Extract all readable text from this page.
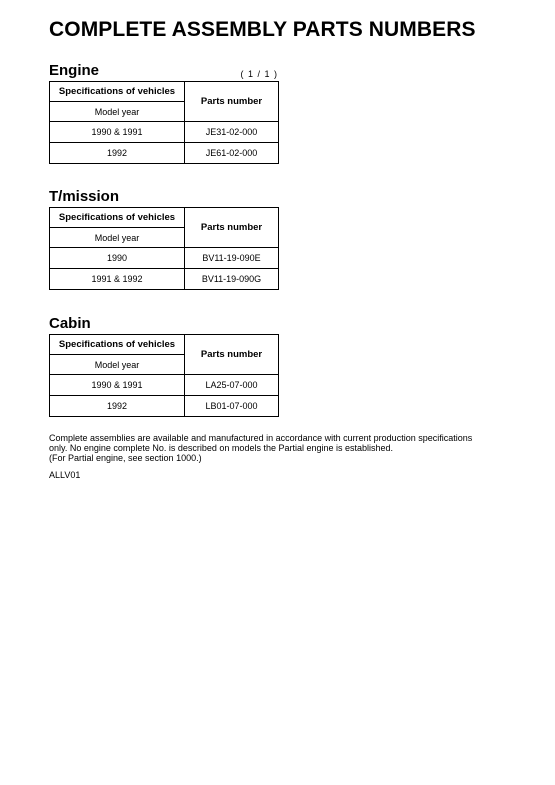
COMPLETE ASSEMBLY PARTS NUMBERS
Engine	( 1 / 1 )
Specifications of vehicles	Parts number
Model year	
1990 & 1991	JE31-02-000
1992	JE61-02-000
T/mission
Specifications of vehicles	Parts number
Model year	
1990	BV11-19-090E
1991 & 1992	BV11-19-090G
Cabin
Specifications of vehicles	Parts number
Model year	
1990 & 1991	LA25-07-000
1992	LB01-07-000
Complete assemblies are available and manufactured in accordance with current production specifications
only. No engine complete No. is described on models the Partial engine is established.
(For Partial engine, see section 1000.)
ALLV01
